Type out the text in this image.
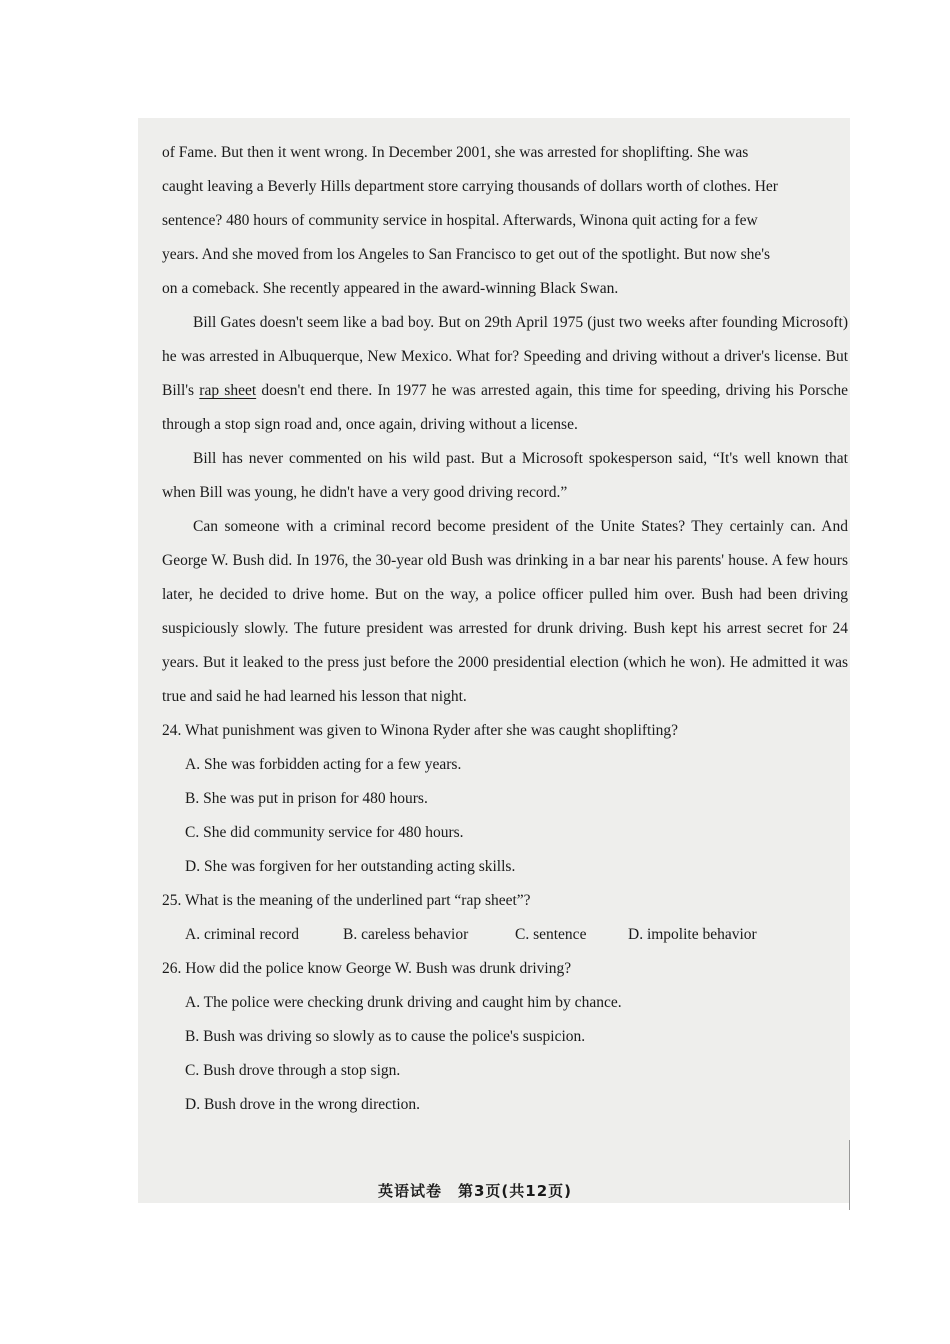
of Fame. But then it went wrong. In December 2001, she was arrested for shoplifting. She was

caught leaving a Beverly Hills department store carrying thousands of dollars worth of clothes. Her

sentence? 480 hours of community service in hospital. Afterwards, Winona quit acting for a few

years. And she moved from los Angeles to San Francisco to get out of the spotlight. But now she's

on a comeback. She recently appeared in the award-winning Black Swan.

Bill Gates doesn't seem like a bad boy. But on 29th April 1975 (just two weeks after founding Microsoft) he was arrested in Albuquerque, New Mexico. What for? Speeding and driving without a driver's license. But Bill's rap sheet doesn't end there. In 1977 he was arrested again, this time for speeding, driving his Porsche through a stop sign road and, once again, driving without a license.

Bill has never commented on his wild past. But a Microsoft spokesperson said, “It's well known that when Bill was young, he didn't have a very good driving record.”

Can someone with a criminal record become president of the Unite States? They certainly can. And George W. Bush did. In 1976, the 30-year old Bush was drinking in a bar near his parents' house. A few hours later, he decided to drive home. But on the way, a police officer pulled him over. Bush had been driving suspiciously slowly. The future president was arrested for drunk driving. Bush kept his arrest secret for 24 years. But it leaked to the press just before the 2000 presidential election (which he won). He admitted it was true and said he had learned his lesson that night.

24. What punishment was given to Winona Ryder after she was caught shoplifting?

A. She was forbidden acting for a few years.

B. She was put in prison for 480 hours.

C. She did community service for 480 hours.

D. She was forgiven for her outstanding acting skills.

25. What is the meaning of the underlined part “rap sheet”?

A. criminal record	B. careless behavior	C. sentence	D. impolite behavior

26. How did the police know George W. Bush was drunk driving?

A. The police were checking drunk driving and caught him by chance.

B. Bush was driving so slowly as to cause the police's suspicion.

C. Bush drove through a stop sign.

D. Bush drove in the wrong direction.

英语试卷　第3页(共12页)
